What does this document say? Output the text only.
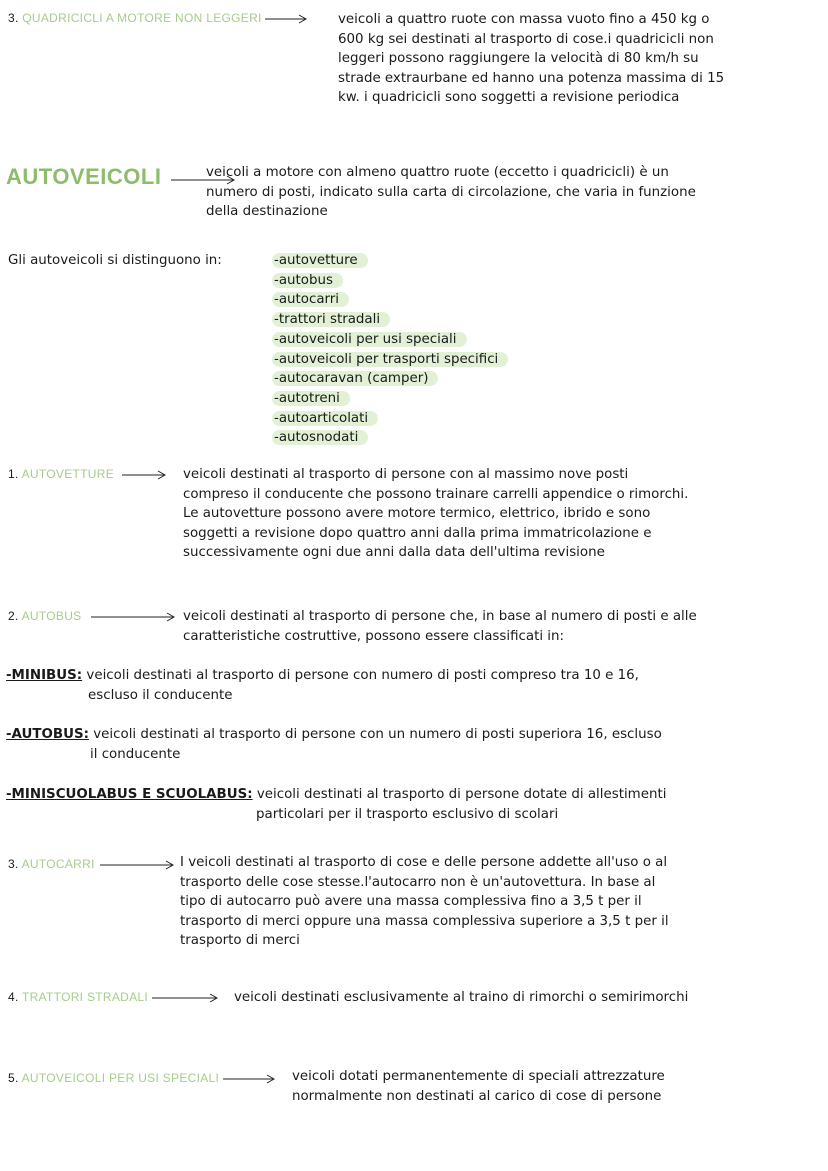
3. QUADRICICLI A MOTORE NON LEGGERI	veicoli a quattro ruote con massa vuoto fino a 450 kg o

600 kg sei destinati al trasporto di cose.i quadricicli non

leggeri possono raggiungere la velocità di 80 km/h su

strade extraurbane ed hanno una potenza massima di 15

kw. i quadricicli sono soggetti a revisione periodica

AUTOVEICOLI	veicoli a motore con almeno quattro ruote (eccetto i quadricicli) è un

numero di posti, indicato sulla carta di circolazione, che varia in funzione

della destinazione

Gli autoveicoli si distinguono in:	-autovetture
-autobus
-autocarri
-trattori stradali
-autoveicoli per usi speciali
-autoveicoli per trasporti specifici
-autocaravan (camper)
-autotreni
-autoarticolati
-autosnodati
1. AUTOVETTURE	veicoli destinati al trasporto di persone con al massimo nove posti

compreso il conducente che possono trainare carrelli appendice o rimorchi.

Le autovetture possono avere motore termico, elettrico, ibrido e sono

soggetti a revisione dopo quattro anni dalla prima immatricolazione e

successivamente ogni due anni dalla data dell'ultima revisione

2. AUTOBUS	veicoli destinati al trasporto di persone che, in base al numero di posti e alle

caratteristiche costruttive, possono essere classificati in:

-MINIBUS: veicoli destinati al trasporto di persone con numero di posti compreso tra 10 e 16,

escluso il conducente

-AUTOBUS: veicoli destinati al trasporto di persone con un numero di posti superiora 16, escluso

il conducente

-MINISCUOLABUS E SCUOLABUS: veicoli destinati al trasporto di persone dotate di allestimenti

particolari per il trasporto esclusivo di scolari

3. AUTOCARRI	I veicoli destinati al trasporto di cose e delle persone addette all'uso o al

trasporto delle cose stesse.l'autocarro non è un'autovettura. In base al

tipo di autocarro può avere una massa complessiva fino a 3,5 t per il

trasporto di merci oppure una massa complessiva superiore a 3,5 t per il

trasporto di merci

4. TRATTORI STRADALI	veicoli destinati esclusivamente al traino di rimorchi o semirimorchi

5. AUTOVEICOLI PER USI SPECIALI	veicoli dotati permanentemente di speciali attrezzature

normalmente non destinati al carico di cose di persone
